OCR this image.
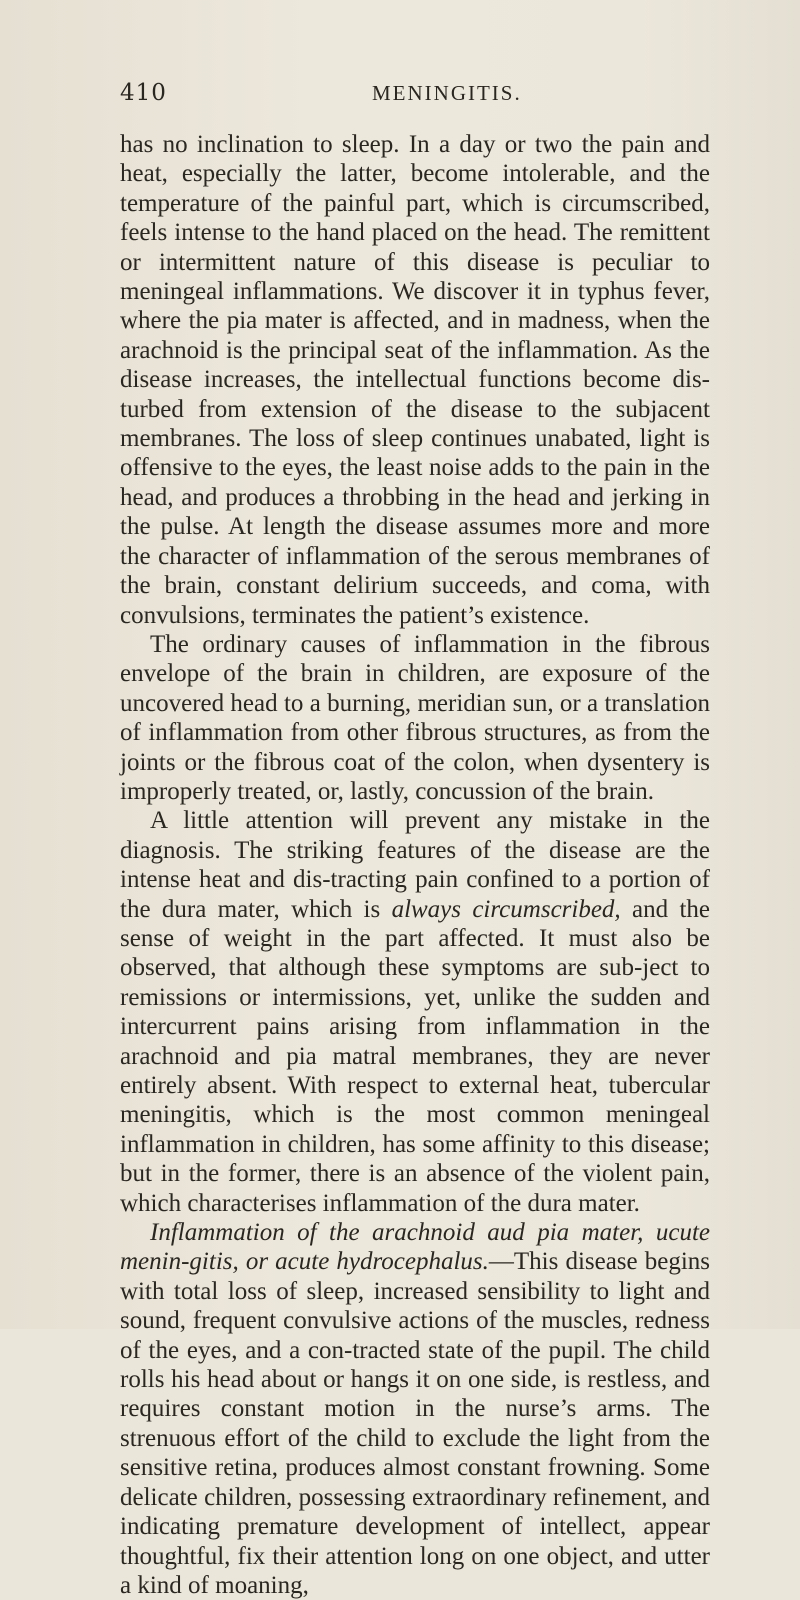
410	MENINGITIS.

has no inclination to sleep. In a day or two the pain and heat, especially the latter, become intolerable, and the temperature of the painful part, which is circumscribed, feels intense to the hand placed on the head. The remittent or intermittent nature of this disease is peculiar to meningeal inflammations. We discover it in typhus fever, where the pia mater is affected, and in madness, when the arachnoid is the principal seat of the inflammation. As the disease increases, the intellectual functions become dis-turbed from extension of the disease to the subjacent membranes. The loss of sleep continues unabated, light is offensive to the eyes, the least noise adds to the pain in the head, and produces a throbbing in the head and jerking in the pulse. At length the disease assumes more and more the character of inflammation of the serous membranes of the brain, constant delirium succeeds, and coma, with convulsions, terminates the patient’s existence.

The ordinary causes of inflammation in the fibrous envelope of the brain in children, are exposure of the uncovered head to a burning, meridian sun, or a translation of inflammation from other fibrous structures, as from the joints or the fibrous coat of the colon, when dysentery is improperly treated, or, lastly, concussion of the brain.

A little attention will prevent any mistake in the diagnosis. The striking features of the disease are the intense heat and dis-tracting pain confined to a portion of the dura mater, which is always circumscribed, and the sense of weight in the part affected. It must also be observed, that although these symptoms are sub-ject to remissions or intermissions, yet, unlike the sudden and intercurrent pains arising from inflammation in the arachnoid and pia matral membranes, they are never entirely absent. With respect to external heat, tubercular meningitis, which is the most common meningeal inflammation in children, has some affinity to this disease; but in the former, there is an absence of the violent pain, which characterises inflammation of the dura mater.

Inflammation of the arachnoid aud pia mater, ucute menin-gitis, or acute hydrocephalus.—This disease begins with total loss of sleep, increased sensibility to light and sound, frequent convulsive actions of the muscles, redness of the eyes, and a con-tracted state of the pupil. The child rolls his head about or hangs it on one side, is restless, and requires constant motion in the nurse’s arms. The strenuous effort of the child to exclude the light from the sensitive retina, produces almost constant frowning. Some delicate children, possessing extraordinary refinement, and indicating premature development of intellect, appear thoughtful, fix their attention long on one object, and utter a kind of moaning,
